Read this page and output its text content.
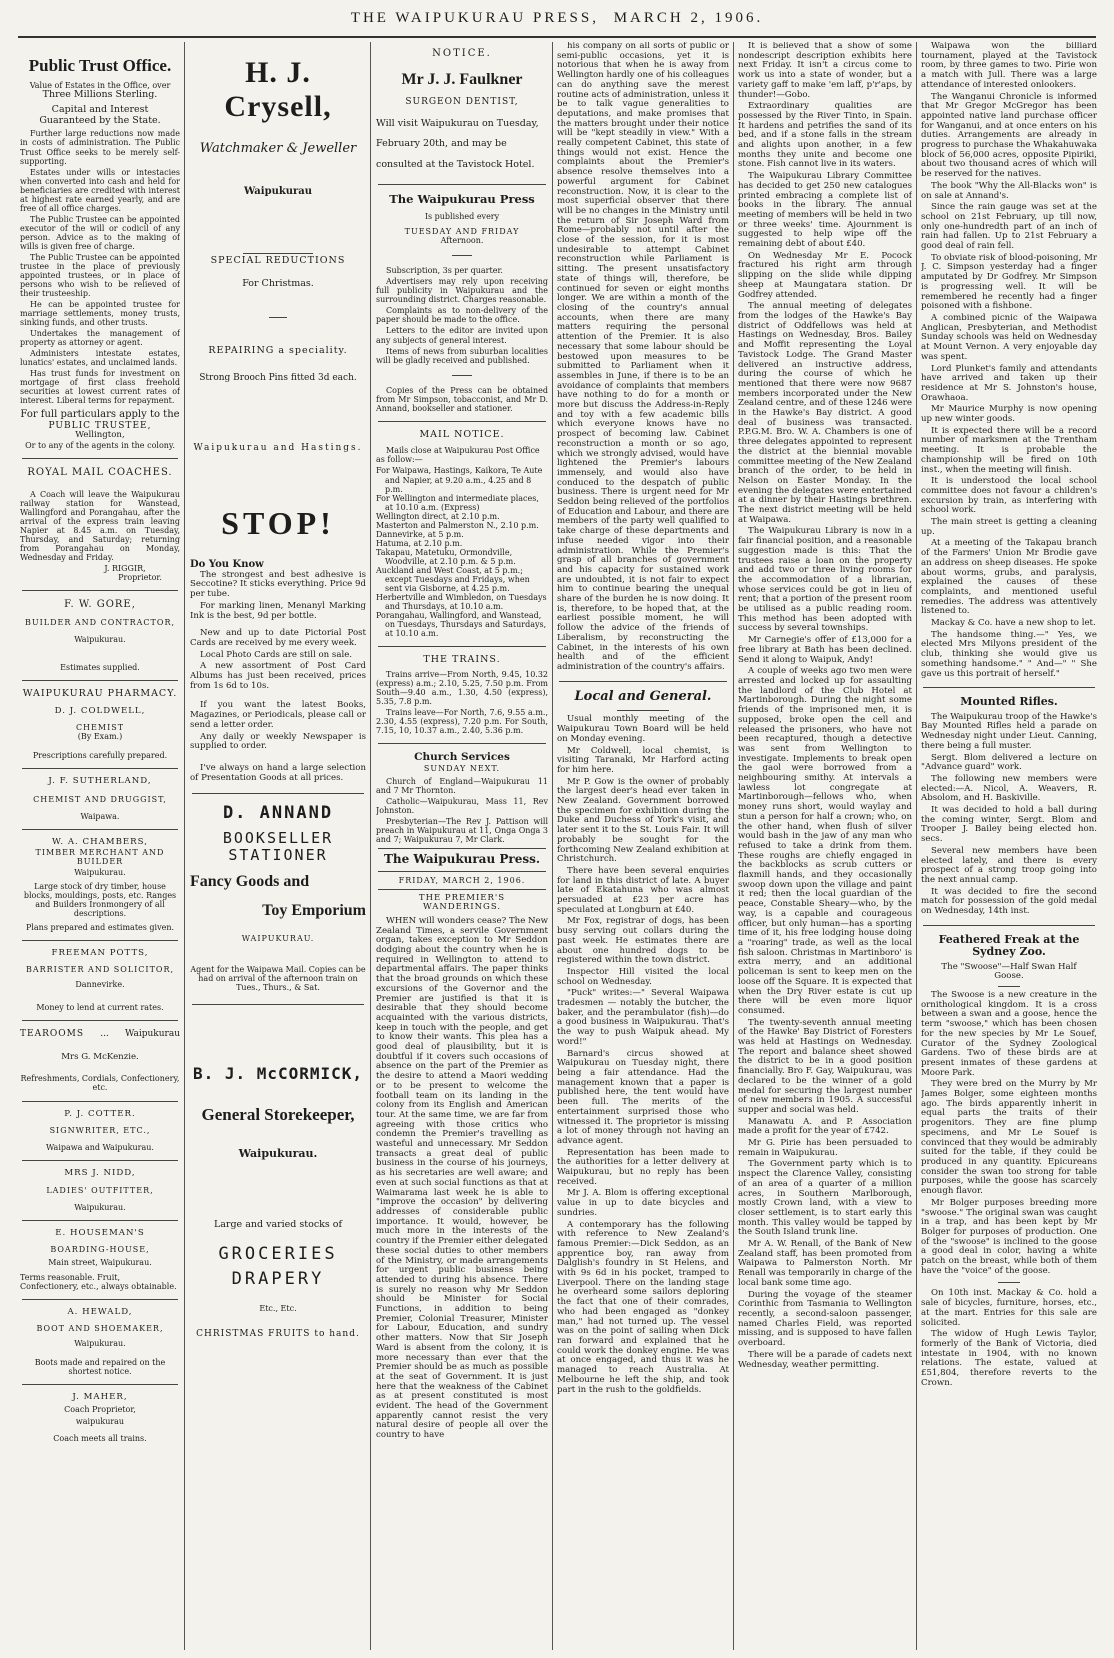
THE WAIPUKURAU PRESS, MARCH 2, 1906.
Public Trust Office.
Value of Estates in the Office, over
Three Millions Sterling.
Capital and Interest Guaranteed by the State.
Further large reductions now made in costs of administration. The Public Trust Office seeks to be merely self-supporting.
Estates under wills or intestacies when converted into cash and held for beneficiaries are credited with interest at highest rate earned yearly, and are free of all office charges.
The Public Trustee can be appointed executor of the will or codicil of any person. Advice as to the making of wills is given free of charge.
The Public Trustee can be appointed trustee in the place of previously appointed trustees, or in place of persons who wish to be relieved of their trusteeship.
He can be appointed trustee for marriage settlements, money trusts, sinking funds, and other trusts.
Undertakes the management of property as attorney or agent.
Administers intestate estates, lunatics' estates, and unclaimed lands.
Has trust funds for investment on mortgage of first class freehold securities at lowest current rates of interest. Liberal terms for repayment.
For full particulars apply to the
PUBLIC TRUSTEE,
Wellington,
Or to any of the agents in the colony.
ROYAL MAIL COACHES.
A Coach will leave the Waipukurau railway station for Wanstead, Wallingford and Porangahau, after the arrival of the express train leaving Napier at 8.45 a.m. on Tuesday, Thursday, and Saturday; returning from Porangahau on Monday, Wednesday and Friday.
J. RIGGIR,
Proprietor.
F. W. GORE,
BUILDER AND CONTRACTOR,
Waipukurau.
Estimates supplied.
WAIPUKURAU PHARMACY.
D. J. COLDWELL,
CHEMIST
(By Exam.)
Prescriptions carefully prepared.
J. F. SUTHERLAND,
CHEMIST AND DRUGGIST,
Waipawa.
W. A. CHAMBERS,
TIMBER MERCHANT AND BUILDER
Waipukurau.
Large stock of dry timber, house blocks, mouldings, posts, etc. Ranges and Builders Ironmongery of all descriptions.
Plans prepared and estimates given.
FREEMAN POTTS,
BARRISTER AND SOLICITOR,
Dannevirke.
Money to lend at current rates.
TEAROOMS ... Waipukurau
Mrs G. McKenzie.
Refreshments, Cordials, Confectionery, etc.
P. J. COTTER.
SIGNWRITER, ETC.,
Waipawa and Waipukurau.
MRS J. NIDD,
LADIES' OUTFITTER,
Waipukurau.
E. HOUSEMAN'S
BOARDING-HOUSE,
Main street, Waipukurau.
Terms reasonable. Fruit, Confectionery, etc., always obtainable.
A. HEWALD,
BOOT AND SHOEMAKER,
Waipukurau.
Boots made and repaired on the shortest notice.
J. MAHER,
Coach Proprietor,
waipukurau
Coach meets all trains.
H. J. Crysell,
Watchmaker & Jeweller
Waipukurau
SPECIAL REDUCTIONS
For Christmas.
REPAIRING a speciality.
Strong Brooch Pins fitted 3d each.
Waipukurau and Hastings.
STOP!
Do You Know
The strongest and best adhesive is Seccotine? It sticks everything. Price 9d per tube.
For marking linen, Menanyl Marking Ink is the best, 9d per bottle.
New and up to date Pictorial Post Cards are received by me every week.
Local Photo Cards are still on sale.
A new assortment of Post Card Albums has just been received, prices from 1s 6d to 10s.
If you want the latest Books, Magazines, or Periodicals, please call or send a letter order.
Any daily or weekly Newspaper is supplied to order.
I've always on hand a large selection of Presentation Goods at all prices.
D. ANNAND
BOOKSELLER
STATIONER
Fancy Goods and
Toy Emporium
WAIPUKURAU.
Agent for the Waipawa Mail. Copies can be had on arrival of the afternoon train on Tues., Thurs., & Sat.
B. J. McCORMICK,
General Storekeeper,
Waipukurau.
Large and varied stocks of
GROCERIES
DRAPERY
Etc., Etc.
CHRISTMAS FRUITS to hand.
NOTICE.
Mr J. J. Faulkner
SURGEON DENTIST,
Will visit Waipukurau on Tuesday, February 20th, and may be consulted at the Tavistock Hotel.
The Waipukurau Press
Is published every
TUESDAY AND FRIDAY
Afternoon.
Subscription, 3s per quarter.
Advertisers may rely upon receiving full publicity in Waipukurau and the surrounding district. Charges reasonable.
Complaints as to non-delivery of the paper should be made to the office.
Letters to the editor are invited upon any subjects of general interest.
Items of news from suburban localities will be gladly received and published.
Copies of the Press can be obtained from Mr Simpson, tobacconist, and Mr D. Annand, bookseller and stationer.
MAIL NOTICE.
Mails close at Waipukurau Post Office as follow:—
For Waipawa, Hastings, Kaikora, Te Aute and Napier, at 9.20 a.m., 4.25 and 8 p.m.
For Wellington and intermediate places, at 10.10 a.m. (Express)
Wellington direct, at 2.10 p.m.
Masterton and Palmerston N., 2.10 p.m.
Dannevirke, at 5 p.m.
Hatuma, at 2.10 p.m.
Takapau, Matetuku, Ormondville, Woodville, at 2.10 p.m. & 5 p.m.
Auckland and West Coast, at 5 p.m.; except Tuesdays and Fridays, when sent via Gisborne, at 4.25 p.m.
Herbertville and Wimbledon, on Tuesdays and Thursdays, at 10.10 a.m.
Porangahau, Wallingford, and Wanstead, on Tuesdays, Thursdays and Saturdays, at 10.10 a.m.
THE TRAINS.
Trains arrive—From North, 9.45, 10.32 (express) a.m.; 2.10, 5.25, 7.50 p.m. From South—9.40 a.m., 1.30, 4.50 (express), 5.35, 7.8 p.m.
Trains leave—For North, 7.6, 9.55 a.m., 2.30, 4.55 (express), 7.20 p.m. For South, 7.15, 10, 10.37 a.m., 2.40, 5.36 p.m.
Church Services
SUNDAY NEXT.
Church of England—Waipukurau 11 and 7 Mr Thornton.
Catholic—Waipukurau, Mass 11, Rev Johnston.
Presbyterian—The Rev J. Pattison will preach in Waipukurau at 11, Onga Onga 3 and 7; Waipukurau 7, Mr Clark.
The Waipukurau Press.
FRIDAY, MARCH 2, 1906.
THE PREMIER'S WANDERINGS.
WHEN will wonders cease? The New Zealand Times, a servile Government organ, takes exception to Mr Seddon dodging about the country when he is required in Wellington to attend to departmental affairs. The paper thinks that the broad grounds on which these excursions of the Governor and the Premier are justified is that it is desirable that they should become acquainted with the various districts, keep in touch with the people, and get to know their wants. This plea has a good deal of plausibility, but it is doubtful if it covers such occasions of absence on the part of the Premier as the desire to attend a Maori wedding or to be present to welcome the football team on its landing in the colony from its English and American tour. At the same time, we are far from agreeing with those critics who condemn the Premier's travelling as wasteful and unnecessary. Mr Seddon transacts a great deal of public business in the course of his journeys, as his secretaries are well aware; and even at such social functions as that at Waimarama last week he is able to "improve the occasion" by delivering addresses of considerable public importance. It would, however, be much more in the interests of the country if the Premier either delegated these social duties to other members of the Ministry, or made arrangements for urgent public business being attended to during his absence. There is surely no reason why Mr Seddon should be Minister for Social Functions, in addition to being Premier, Colonial Treasurer, Minister for Labour, Education, and sundry other matters. Now that Sir Joseph Ward is absent from the colony, it is more necessary than ever that the Premier should be as much as possible at the seat of Government. It is just here that the weakness of the Cabinet as at present constituted is most evident. The head of the Government apparently cannot resist the very natural desire of people all over the country to have
his company on all sorts of public or semi-public occasions, yet it is notorious that when he is away from Wellington hardly one of his colleagues can do anything save the merest routine acts of administration, unless it be to talk vague generalities to deputations, and make promises that the matters brought under their notice will be "kept steadily in view." With a really competent Cabinet, this state of things would not exist. Hence the complaints about the Premier's absence resolve themselves into a powerful argument for Cabinet reconstruction. Now, it is clear to the most superficial observer that there will be no changes in the Ministry until the return of Sir Joseph Ward from Rome—probably not until after the close of the session, for it is most undesirable to attempt Cabinet reconstruction while Parliament is sitting. The present unsatisfactory state of things will, therefore, be continued for seven or eight months longer. We are within a month of the closing of the country's annual accounts, when there are many matters requiring the personal attention of the Premier. It is also necessary that some labour should be bestowed upon measures to be submitted to Parliament when it assembles in June, if there is to be an avoidance of complaints that members have nothing to do for a month or more but discuss the Address-in-Reply and toy with a few academic bills which everyone knows have no prospect of becoming law. Cabinet reconstruction a month or so ago, which we strongly advised, would have lightened the Premier's labours immensely, and would also have conduced to the despatch of public business. There is urgent need for Mr Seddon being relieved of the portfolios of Education and Labour, and there are members of the party well qualified to take charge of these departments and infuse needed vigor into their administration. While the Premier's grasp of all branches of government and his capacity for sustained work are undoubted, it is not fair to expect him to continue bearing the unequal share of the burden he is now doing. It is, therefore, to be hoped that, at the earliest possible moment, he will follow the advice of the friends of Liberalism, by reconstructing the Cabinet, in the interests of his own health and of the efficient administration of the country's affairs.
Local and General.
Usual monthly meeting of the Waipukurau Town Board will be held on Monday evening.
Mr Coldwell, local chemist, is visiting Taranaki, Mr Harford acting for him here.
Mr P. Gow is the owner of probably the largest deer's head ever taken in New Zealand. Government borrowed the specimen for exhibition during the Duke and Duchess of York's visit, and later sent it to the St. Louis Fair. It will probably be sought for the forthcoming New Zealand exhibition at Christchurch.
There have been several enquiries for land in this district of late. A buyer late of Ekatahuna who was almost persuaded at £23 per acre has speculated at Longburn at £40.
Mr Fox, registrar of dogs, has been busy serving out collars during the past week. He estimates there are about one hundred dogs to be registered within the town district.
Inspector Hill visited the local school on Wednesday.
"Puck" writes:—" Several Waipawa tradesmen — notably the butcher, the baker, and the perambulator (fish)—do a good business in Waipukurau. That's the way to push Waipuk ahead. My word!"
Barnard's circus showed at Waipukurau on Tuesday night, there being a fair attendance. Had the management known that a paper is published here, the tent would have been full. The merits of the entertainment surprised those who witnessed it. The proprietor is missing a lot of money through not having an advance agent.
Representation has been made to the authorities for a letter delivery at Waipukurau, but no reply has been received.
Mr J. A. Blom is offering exceptional value in up to date bicycles and sundries.
A contemporary has the following with reference to New Zealand's famous Premier:—Dick Seddon, as an apprentice boy, ran away from Dalglish's foundry in St Helens, and with 9s 6d in his pocket, tramped to Liverpool. There on the landing stage he overheard some sailors deploring the fact that one of their comrades, who had been engaged as "donkey man," had not turned up. The vessel was on the point of sailing when Dick ran forward and explained that he could work the donkey engine. He was at once engaged, and thus it was he managed to reach Australia. At Melbourne he left the ship, and took part in the rush to the goldfields.
It is believed that a show of some nondescript description exhibits here next Friday. It isn't a circus come to work us into a state of wonder, but a variety gaff to make 'em laff, p'r'aps, by thunder!—Gobo.
Extraordinary qualities are possessed by the River Tinto, in Spain. It hardens and petrifies the sand of its bed, and if a stone falls in the stream and alights upon another, in a few months they unite and become one stone. Fish cannot live in its waters.
The Waipukurau Library Committee has decided to get 250 new catalogues printed embracing a complete list of books in the library. The annual meeting of members will be held in two or three weeks' time. Ajournment is suggested to help wipe off the remaining debt of about £40.
On Wednesday Mr E. Pocock fractured his right arm through slipping on the slide while dipping sheep at Maungatara station. Dr Godfrey attended.
The annual meeting of delegates from the lodges of the Hawke's Bay district of Oddfellows was held at Hastings on Wednesday, Bros. Bailey and Moffit representing the Loyal Tavistock Lodge. The Grand Master delivered an instructive address, during the course of which he mentioned that there were now 9687 members incorporated under the New Zealand centre, and of these 1246 were in the Hawke's Bay district. A good deal of business was transacted. P.P.G.M. Bro. W. A. Chambers is one of three delegates appointed to represent the district at the biennial movable committee meeting of the New Zealand branch of the order, to be held in Nelson on Easter Monday. In the evening the delegates were entertained at a dinner by their Hastings brethren. The next district meeting will be held at Waipawa.
The Waipukurau Library is now in a fair financial position, and a reasonable suggestion made is this: That the trustees raise a loan on the property and add two or three living rooms for the accommodation of a librarian, whose services could be got in lieu of rent; that a portion of the present room be utilised as a public reading room. This method has been adopted with success by several townships.
Mr Carnegie's offer of £13,000 for a free library at Bath has been declined. Send it along to Waipuk, Andy!
A couple of weeks ago two men were arrested and locked up for assaulting the landlord of the Club Hotel at Martinborough. During the night some friends of the imprisoned men, it is supposed, broke open the cell and released the prisoners, who have not been recaptured, though a detective was sent from Wellington to investigate. Implements to break open the gaol were borrowed from a neighbouring smithy. At intervals a lawless lot congregate at Martinborough—fellows who, when money runs short, would waylay and stun a person for half a crown; who, on the other hand, when flush of silver would bash in the jaw of any man who refused to take a drink from them. These roughs are chiefly engaged in the backblocks as scrub cutters or flaxmill hands, and they occasionally swoop down upon the village and paint it red; then the local guardian of the peace, Constable Sheary—who, by the way, is a capable and courageous officer, but only human—has a sporting time of it, his free lodging house doing a "roaring" trade, as well as the local fish saloon. Christmas in Martinboro' is extra merry, and an additional policeman is sent to keep men on the loose off the Square. It is expected that when the Dry River estate is cut up there will be even more liquor consumed.
The twenty-seventh annual meeting of the Hawke' Bay District of Foresters was held at Hastings on Wednesday. The report and balance sheet showed the district to be in a good position financially. Bro F. Gay, Waipukurau, was declared to be the winner of a gold medal for securing the largest number of new members in 1905. A successful supper and social was held.
Manawatu A. and P. Association made a profit for the year of £742.
Mr G. Pirie has been persuaded to remain in Waipukurau.
The Government party which is to inspect the Clarence Valley, consisting of an area of a quarter of a million acres, in Southern Marlborough, mostly Crown land, with a view to closer settlement, is to start early this month. This valley would be tapped by the South Island trunk line.
Mr A. W. Renall, of the Bank of New Zealand staff, has been promoted from Waipawa to Palmerston North. Mr Renall was temporarily in charge of the local bank some time ago.
During the voyage of the steamer Corinthic from Tasmania to Wellington recently, a second-saloon passenger, named Charles Field, was reported missing, and is supposed to have fallen overboard.
There will be a parade of cadets next Wednesday, weather permitting.
Waipawa won the billiard tournament, played at the Tavistock room, by three games to two. Pirie won a match with Jull. There was a large attendance of interested onlookers.
The Wanganui Chronicle is informed that Mr Gregor McGregor has been appointed native land purchase officer for Wanganui, and at once enters on his duties. Arrangements are already in progress to purchase the Whakahuwaka block of 56,000 acres, opposite Pipiriki, about two thousand acres of which will be reserved for the natives.
The book "Why the All-Blacks won" is on sale at Annand's.
Since the rain gauge was set at the school on 21st February, up till now, only one-hundredth part of an inch of rain had fallen. Up to 21st February a good deal of rain fell.
To obviate risk of blood-poisoning, Mr J. C. Simpson yesterday had a finger amputated by Dr Godfrey. Mr Simpson is progressing well. It will be remembered he recently had a finger poisoned with a fishbone.
A combined picnic of the Waipawa Anglican, Presbyterian, and Methodist Sunday schools was held on Wednesday at Mount Vernon. A very enjoyable day was spent.
Lord Plunket's family and attendants have arrived and taken up their residence at Mr S. Johnston's house, Orawhaoa.
Mr Maurice Murphy is now opening up new winter goods.
It is expected there will be a record number of marksmen at the Trentham meeting. It is probable the championship will be fired on 10th inst., when the meeting will finish.
It is understood the local school committee does not favour a children's excursion by train, as interfering with school work.
The main street is getting a cleaning up.
At a meeting of the Takapau branch of the Farmers' Union Mr Brodie gave an address on sheep diseases. He spoke about worms, grubs, and paralysis, explained the causes of these complaints, and mentioned useful remedies. The address was attentively listened to.
Mackay & Co. have a new shop to let.
The handsome thing.—" Yes, we elected Mrs Milyons president of the club, thinking she would give us something handsome." " And—" " She gave us this portrait of herself."
Mounted Rifles.
The Waipukurau troop of the Hawke's Bay Mounted Rifles held a parade on Wednesday night under Lieut. Canning, there being a full muster.
Sergt. Blom delivered a lecture on "Advance guard" work.
The following new members were elected:—A. Nicol, A. Weavers, R. Absolom, and H. Baskiville.
It was decided to hold a ball during the coming winter, Sergt. Blom and Trooper J. Bailey being elected hon. secs.
Several new members have been elected lately, and there is every prospect of a strong troop going into the next annual camp.
It was decided to fire the second match for possession of the gold medal on Wednesday, 14th inst.
Feathered Freak at the Sydney Zoo.
The "Swoose"—Half Swan Half Goose.
The Swoose is a new creature in the ornithological kingdom. It is a cross between a swan and a goose, hence the term "swoose," which has been chosen for the new species by Mr Le Souef, Curator of the Sydney Zoological Gardens. Two of these birds are at present inmates of these gardens at Moore Park.
They were bred on the Murry by Mr James Bolger, some eighteen months ago. The birds apparently inherit in equal parts the traits of their progenitors. They are fine plump specimens, and Mr Le Souef is convinced that they would be admirably suited for the table, if they could be produced in any quantity. Epicureans consider the swan too strong for table purposes, while the goose has scarcely enough flavor.
Mr Bolger purposes breeding more "swoose." The original swan was caught in a trap, and has been kept by Mr Bolger for purposes of production. One of the "swoose" is inclined to the goose a good deal in color, having a white patch on the breast, while both of them have the "voice" of the goose.
On 10th inst. Mackay & Co. hold a sale of bicycles, furniture, horses, etc., at the mart. Entries for this sale are solicited.
The widow of Hugh Lewis Taylor, formerly of the Bank of Victoria, died intestate in 1904, with no known relations. The estate, valued at £51,804, therefore reverts to the Crown.
